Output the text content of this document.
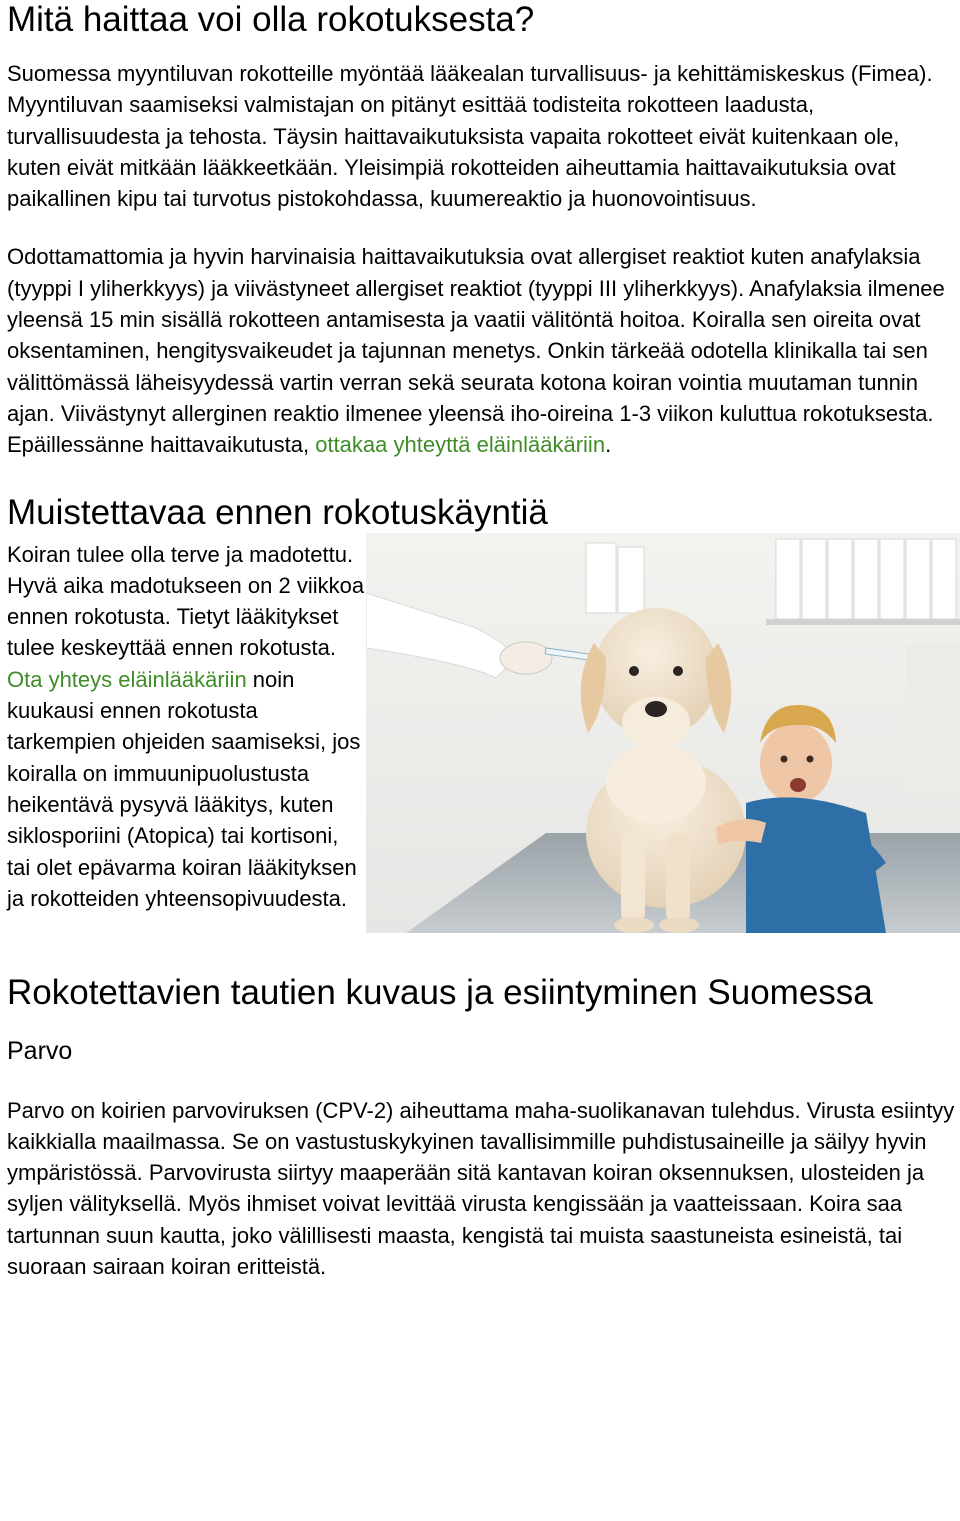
Mitä haittaa voi olla rokotuksesta?

Suomessa myyntiluvan rokotteille myöntää lääkealan turvallisuus- ja kehittämiskeskus (Fimea). Myyntiluvan saamiseksi valmistajan on pitänyt esittää todisteita rokotteen laadusta, turvallisuudesta ja tehosta. Täysin haittavaikutuksista vapaita rokotteet eivät kuitenkaan ole, kuten eivät mitkään lääkkeetkään. Yleisimpiä rokotteiden aiheuttamia haittavaikutuksia ovat paikallinen kipu tai turvotus pistokohdassa, kuumereaktio ja huonovointisuus.

Odottamattomia ja hyvin harvinaisia haittavaikutuksia ovat allergiset reaktiot kuten anafylaksia (tyyppi I yliherkkyys) ja viivästyneet allergiset reaktiot (tyyppi III yliherkkyys). Anafylaksia ilmenee yleensä 15 min sisällä rokotteen antamisesta ja vaatii välitöntä hoitoa. Koiralla sen oireita ovat oksentaminen, hengitysvaikeudet ja tajunnan menetys. Onkin tärkeää odotella klinikalla tai sen välittömässä läheisyydessä vartin verran sekä seurata kotona koiran vointia muutaman tunnin ajan. Viivästynyt allerginen reaktio ilmenee yleensä iho-oireina 1-3 viikon kuluttua rokotuksesta. Epäillessänne haittavaikutusta, ottakaa yhteyttä eläinlääkäriin.

Muistettavaa ennen rokotuskäyntiä

Koiran tulee olla terve ja madotettu. Hyvä aika madotukseen on 2 viikkoa ennen rokotusta. Tietyt lääkitykset tulee keskeyttää ennen rokotusta. Ota yhteys eläinlääkäriin noin kuukausi ennen rokotusta tarkempien ohjeiden saamiseksi, jos koiralla on immuunipuolustusta heikentävä pysyvä lääkitys, kuten siklosporiini (Atopica) tai kortisoni, tai olet epävarma koiran lääkityksen ja rokotteiden yhteensopivuudesta.

Rokotettavien tautien kuvaus ja esiintyminen Suomessa
Parvo

Parvo on koirien parvoviruksen (CPV-2) aiheuttama maha-suolikanavan tulehdus. Virusta esiintyy kaikkialla maailmassa. Se on vastustuskykyinen tavallisimmille puhdistusaineille ja säilyy hyvin ympäristössä. Parvovirusta siirtyy maaperään sitä kantavan koiran oksennuksen, ulosteiden ja syljen välityksellä. Myös ihmiset voivat levittää virusta kengissään ja vaatteissaan. Koira saa tartunnan suun kautta, joko välillisesti maasta, kengistä tai muista saastuneista esineistä, tai suoraan sairaan koiran eritteistä.
